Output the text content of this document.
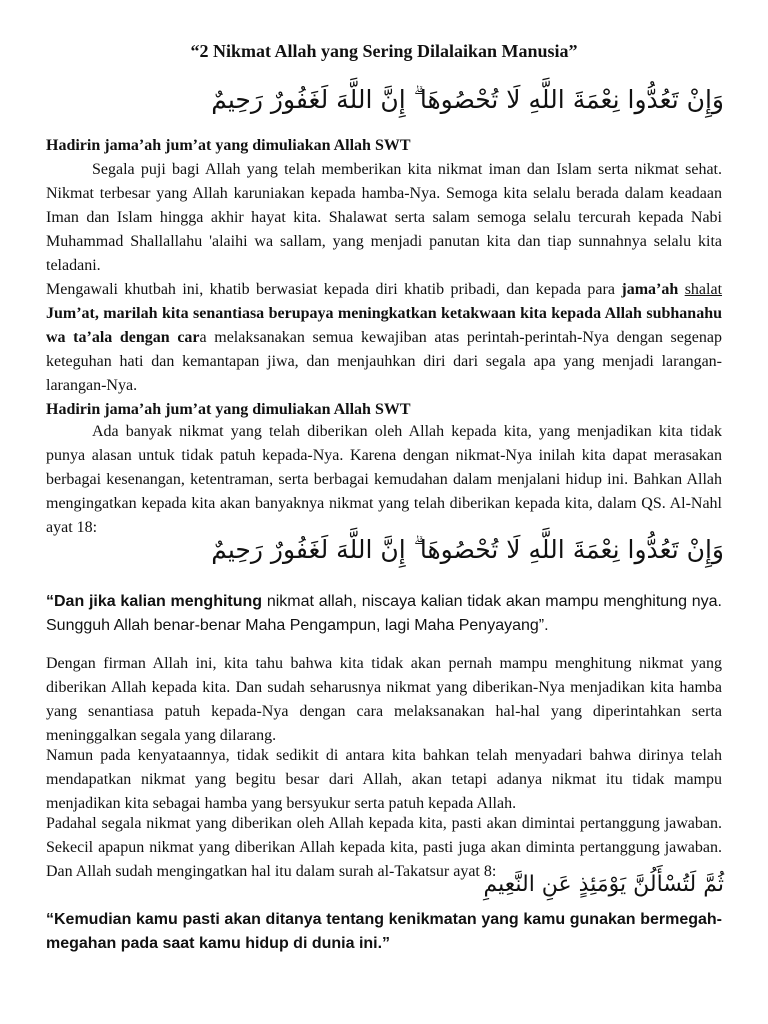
“2 Nikmat Allah yang Sering Dilalaikan Manusia”
وَإِنْ تَعُدُّوا نِعْمَةَ اللَّهِ لَا تُحْصُوهَا ۗ إِنَّ اللَّهَ لَغَفُورٌ رَحِيمٌ
Hadirin jama’ah jum’at yang dimuliakan Allah SWT

Segala puji bagi Allah yang telah memberikan kita nikmat iman dan Islam serta nikmat sehat. Nikmat terbesar yang Allah karuniakan kepada hamba-Nya. Semoga kita selalu berada dalam keadaan Iman dan Islam hingga akhir hayat kita. Shalawat serta salam semoga selalu tercurah kepada Nabi Muhammad Shallallahu 'alaihi wa sallam, yang menjadi panutan kita dan tiap sunnahnya selalu kita teladani.

Mengawali khutbah ini, khatib berwasiat kepada diri khatib pribadi, dan kepada para jama’ah shalat Jum’at, marilah kita senantiasa berupaya meningkatkan ketakwaan kita kepada Allah subhanahu wa ta’ala dengan cara melaksanakan semua kewajiban atas perintah-perintah-Nya dengan segenap keteguhan hati dan kemantapan jiwa, dan menjauhkan diri dari segala apa yang menjadi larangan-larangan-Nya.

Hadirin jama’ah jum’at yang dimuliakan Allah SWT

Ada banyak nikmat yang telah diberikan oleh Allah kepada kita, yang menjadikan kita tidak punya alasan untuk tidak patuh kepada-Nya. Karena dengan nikmat-Nya inilah kita dapat merasakan berbagai kesenangan, ketentraman, serta berbagai kemudahan dalam menjalani hidup ini. Bahkan Allah mengingatkan kepada kita akan banyaknya nikmat yang telah diberikan kepada kita, dalam QS. Al-Nahl ayat 18:

وَإِنْ تَعُدُّوا نِعْمَةَ اللَّهِ لَا تُحْصُوهَا ۗ إِنَّ اللَّهَ لَغَفُورٌ رَحِيمٌ

“Dan jika kalian menghitung nikmat allah, niscaya kalian tidak akan mampu menghitung nya. Sungguh Allah benar-benar Maha Pengampun, lagi Maha Penyayang”.

Dengan firman Allah ini, kita tahu bahwa kita tidak akan pernah mampu menghitung nikmat yang diberikan Allah kepada kita. Dan sudah seharusnya nikmat yang diberikan-Nya menjadikan kita hamba yang senantiasa patuh kepada-Nya dengan cara melaksanakan hal-hal yang diperintahkan serta meninggalkan segala yang dilarang.

Namun pada kenyataannya, tidak sedikit di antara kita bahkan telah menyadari bahwa dirinya telah mendapatkan nikmat yang begitu besar dari Allah, akan tetapi adanya nikmat itu tidak mampu menjadikan kita sebagai hamba yang bersyukur serta patuh kepada Allah.

Padahal segala nikmat yang diberikan oleh Allah kepada kita, pasti akan dimintai pertanggung jawaban. Sekecil apapun nikmat yang diberikan Allah kepada kita, pasti juga akan diminta pertanggung jawaban. Dan Allah sudah mengingatkan hal itu dalam surah al-Takatsur ayat 8:

ثُمَّ لَتُسْأَلُنَّ يَوْمَئِذٍ عَنِ النَّعِيمِ

“Kemudian kamu pasti akan ditanya tentang kenikmatan yang kamu gunakan bermegah-megahan pada saat kamu hidup di dunia ini.”
